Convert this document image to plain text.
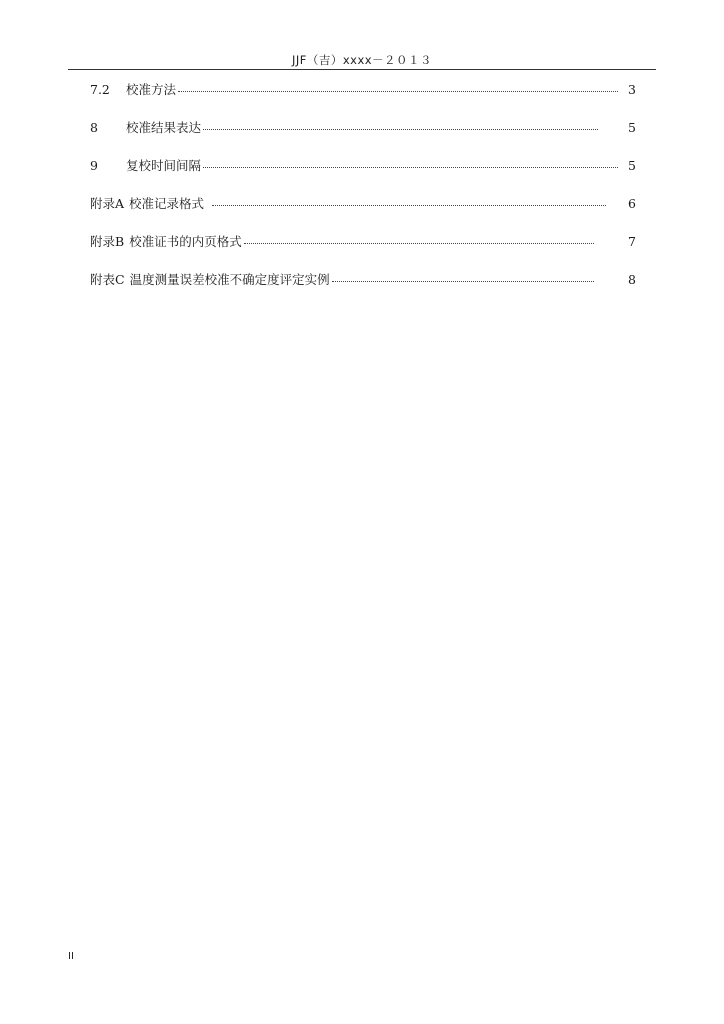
JJF（吉）xxxx－２０１３
7.2	校准方法	3
8	校准结果表达	5
9	复校时间间隔	5
附录A 校准记录格式	6
附录B 校准证书的内页格式	7
附表C 温度测量误差校准不确定度评定实例	8
II
